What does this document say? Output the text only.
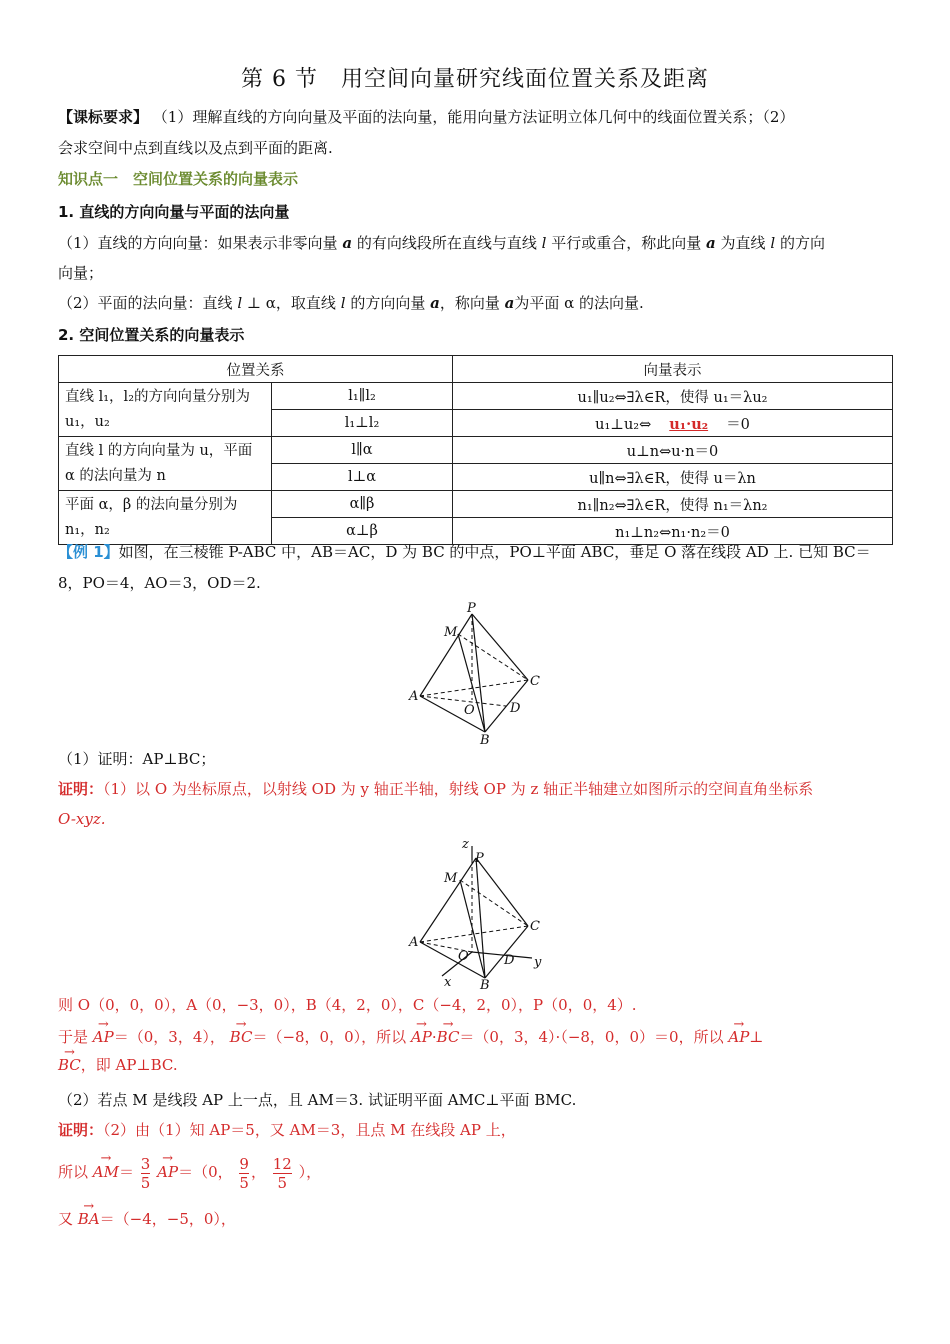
第 6 节　用空间向量研究线面位置关系及距离
【课标要求】 （1）理解直线的方向向量及平面的法向量，能用向量方法证明立体几何中的线面位置关系；（2）
会求空间中点到直线以及点到平面的距离.
知识点一　空间位置关系的向量表示
1. 直线的方向向量与平面的法向量
（1）直线的方向向量：如果表示非零向量 a 的有向线段所在直线与直线 l 平行或重合，称此向量 a 为直线 l 的方向
向量；
（2）平面的法向量：直线 l ⊥ α，取直线 l 的方向向量 a，称向量 a为平面 α 的法向量.
2. 空间位置关系的向量表示
位置关系		向量表示
直线 l₁，l₂的方向向量分别为 u₁，u₂	l₁∥l₂	u₁∥u₂⇔∃λ∈R，使得 u₁＝λu₂
	l₁⊥l₂	u₁⊥u₂⇔ u₁·u₂ ＝0
直线 l 的方向向量为 u，平面 α 的法向量为 n	l∥α	u⊥n⇔u·n＝0
	l⊥α	u∥n⇔∃λ∈R，使得 u＝λn
平面 α，β 的法向量分别为 n₁，n₂	α∥β	n₁∥n₂⇔∃λ∈R，使得 n₁＝λn₂
	α⊥β	n₁⊥n₂⇔n₁·n₂＝0
【例 1】如图，在三棱锥 P-ABC 中，AB＝AC，D 为 BC 的中点，PO⊥平面 ABC，垂足 O 落在线段 AD 上. 已知 BC＝
8，PO＝4，AO＝3，OD＝2.
P
M
C
A
O	D
B
（1）证明：AP⊥BC；
证明：（1）以 O 为坐标原点，以射线 OD 为 y 轴正半轴，射线 OP 为 z 轴正半轴建立如图所示的空间直角坐标系
O-xyz.
z
P
M
C
A
O	D y
x B
则 O（0，0，0），A（0，−3，0），B（4，2，0），C（−4，2，0），P（0，0，4）.
于是 → AP＝（0，3，4）， → BC＝（−8，0，0），所以 → AP·→ BC＝（0，3，4）·（−8，0，0）＝0，所以 → AP⊥
→ BC，即 AP⊥BC.
（2）若点 M 是线段 AP 上一点，且 AM＝3. 试证明平面 AMC⊥平面 BMC.
证明：（2）由（1）知 AP＝5，又 AM＝3，且点 M 在线段 AP 上，
所以 → $AM= \frac{3}{5} \to AP=(0$， $\frac{9}{5}$ ， $\frac{12}{5}$ ），
又 → BA＝（−4，−5，0），
